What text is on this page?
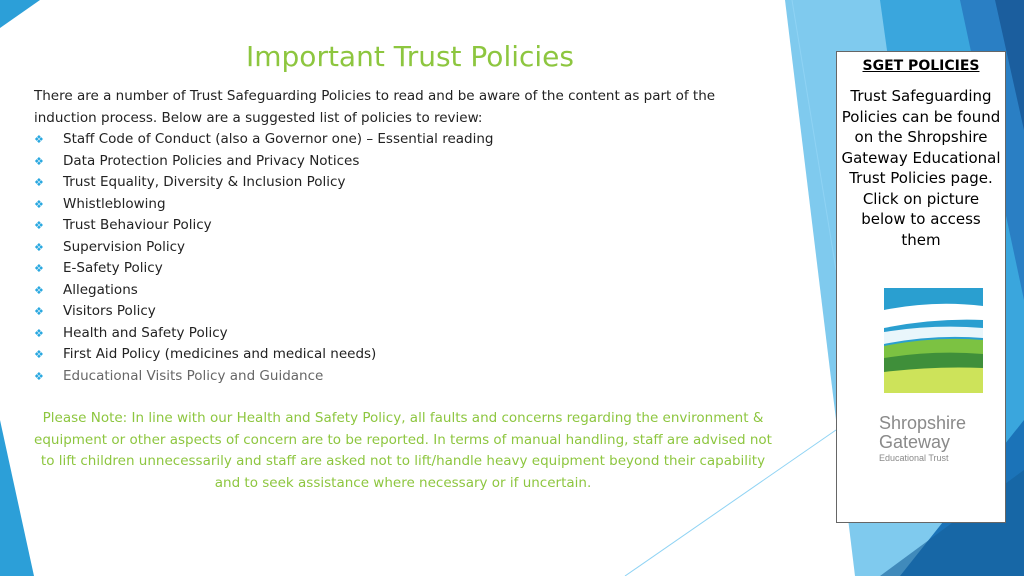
Important Trust Policies
There are a number of Trust Safeguarding Policies to read and be aware of the content as part of the induction process. Below are a suggested list of policies to review:
❖	Staff Code of Conduct (also a Governor one) – Essential reading
❖	Data Protection Policies and Privacy Notices
❖	Trust Equality, Diversity & Inclusion Policy
❖	Whistleblowing
❖	Trust Behaviour Policy
❖	Supervision Policy
❖	E-Safety Policy
❖	Allegations
❖	Visitors Policy
❖	Health and Safety Policy
❖	First Aid Policy (medicines and medical needs)
❖	Educational Visits Policy and Guidance
Please Note: In line with our Health and Safety Policy, all faults and concerns regarding the environment & equipment or other aspects of concern are to be reported. In terms of manual handling, staff are advised not to lift children unnecessarily and staff are asked not to lift/handle heavy equipment beyond their capability and to seek assistance where necessary or if uncertain.
SGET POLICIES
Trust Safeguarding Policies can be found on the Shropshire Gateway Educational Trust Policies page. Click on picture below to access them
Shropshire
Gateway
Educational Trust
